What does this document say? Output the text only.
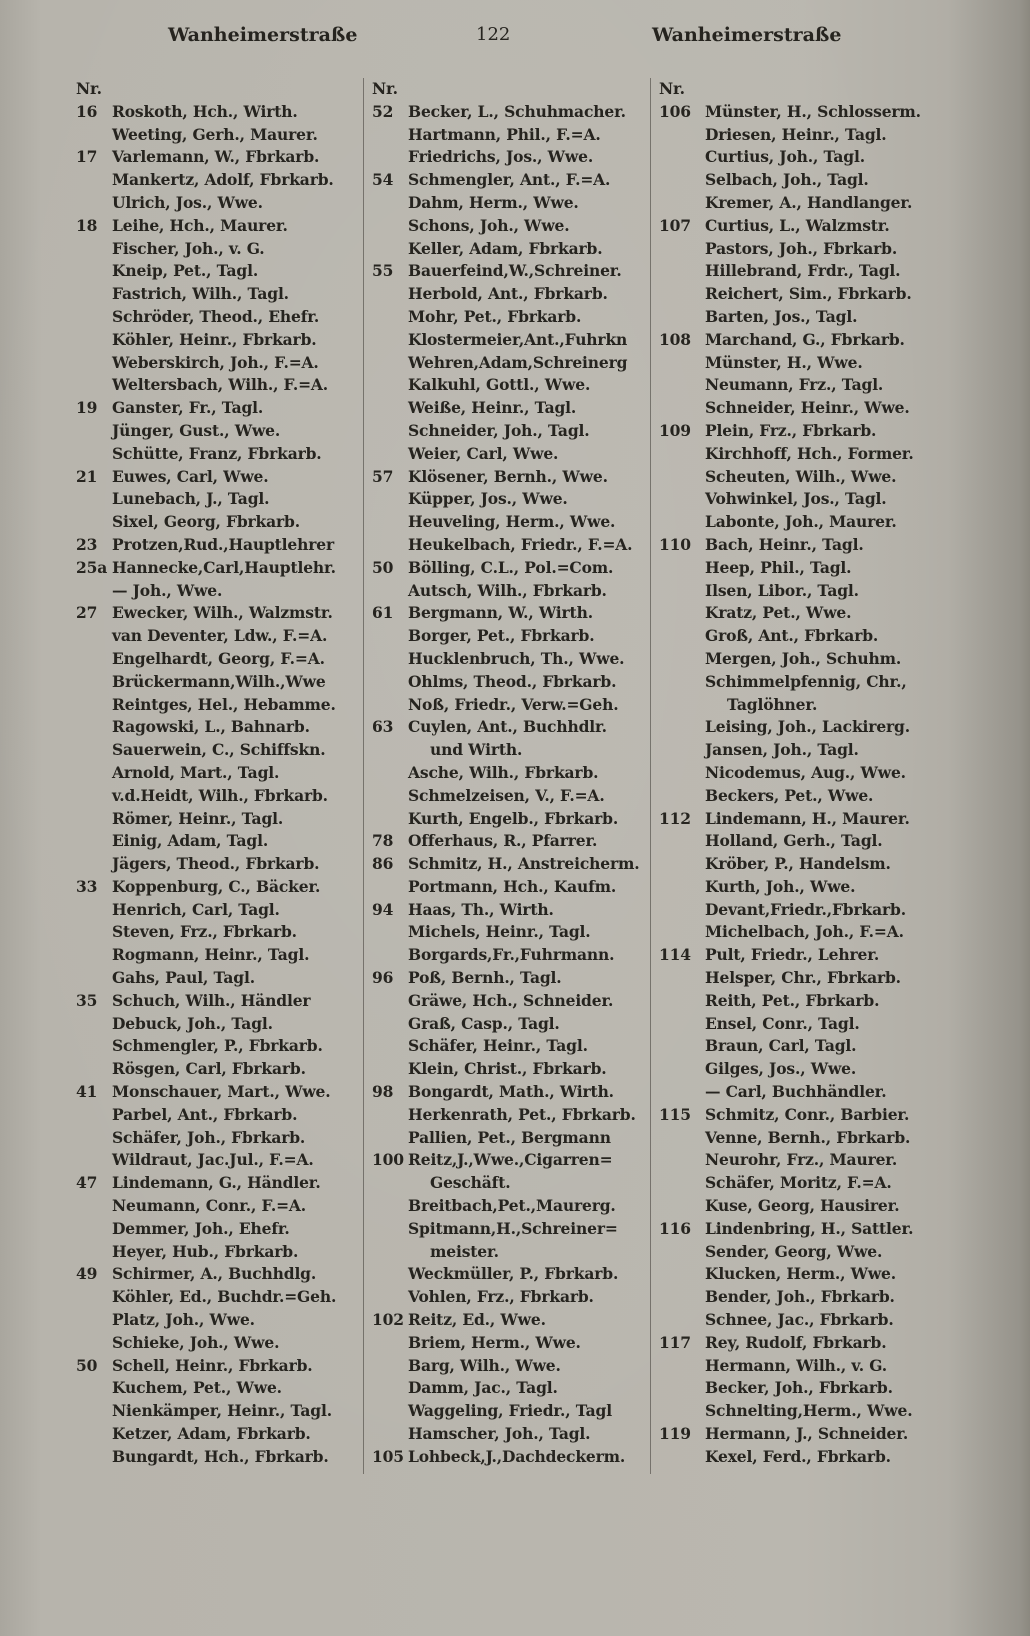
Wanheimerstraße	122	Wanheimerstraße
Nr.
16 Roskoth, Hch., Wirth.
Weeting, Gerh., Maurer.
17 Varlemann, W., Fbrkarb.
Mankertz, Adolf, Fbrkarb.
Ulrich, Jos., Wwe.
18 Leihe, Hch., Maurer.
Fischer, Joh., v. G.
Kneip, Pet., Tagl.
Fastrich, Wilh., Tagl.
Schröder, Theod., Ehefr.
Köhler, Heinr., Fbrkarb.
Weberskirch, Joh., F.=A.
Weltersbach, Wilh., F.=A.
19 Ganster, Fr., Tagl.
Jünger, Gust., Wwe.
Schütte, Franz, Fbrkarb.
21 Euwes, Carl, Wwe.
Lunebach, J., Tagl.
Sixel, Georg, Fbrkarb.
23 Protzen,Rud.,Hauptlehrer
25a Hannecke,Carl,Hauptlehr.
— Joh., Wwe.
27 Ewecker, Wilh., Walzmstr.
van Deventer, Ldw., F.=A.
Engelhardt, Georg, F.=A.
Brückermann,Wilh.,Wwe
Reintges, Hel., Hebamme.
Ragowski, L., Bahnarb.
Sauerwein, C., Schiffskn.
Arnold, Mart., Tagl.
v.d.Heidt, Wilh., Fbrkarb.
Römer, Heinr., Tagl.
Einig, Adam, Tagl.
Jägers, Theod., Fbrkarb.
33 Koppenburg, C., Bäcker.
Henrich, Carl, Tagl.
Steven, Frz., Fbrkarb.
Rogmann, Heinr., Tagl.
Gahs, Paul, Tagl.
35 Schuch, Wilh., Händler
Debuck, Joh., Tagl.
Schmengler, P., Fbrkarb.
Rösgen, Carl, Fbrkarb.
41 Monschauer, Mart., Wwe.
Parbel, Ant., Fbrkarb.
Schäfer, Joh., Fbrkarb.
Wildraut, Jac.Jul., F.=A.
47 Lindemann, G., Händler.
Neumann, Conr., F.=A.
Demmer, Joh., Ehefr.
Heyer, Hub., Fbrkarb.
49 Schirmer, A., Buchhdlg.
Köhler, Ed., Buchdr.=Geh.
Platz, Joh., Wwe.
Schieke, Joh., Wwe.
50 Schell, Heinr., Fbrkarb.
Kuchem, Pet., Wwe.
Nienkämper, Heinr., Tagl.
Ketzer, Adam, Fbrkarb.
Bungardt, Hch., Fbrkarb.
Nr.
52 Becker, L., Schuhmacher.
Hartmann, Phil., F.=A.
Friedrichs, Jos., Wwe.
54 Schmengler, Ant., F.=A.
Dahm, Herm., Wwe.
Schons, Joh., Wwe.
Keller, Adam, Fbrkarb.
55 Bauerfeind,W.,Schreiner.
Herbold, Ant., Fbrkarb.
Mohr, Pet., Fbrkarb.
Klostermeier,Ant.,Fuhrkn
Wehren,Adam,Schreinerg
Kalkuhl, Gottl., Wwe.
Weiße, Heinr., Tagl.
Schneider, Joh., Tagl.
Weier, Carl, Wwe.
57 Klösener, Bernh., Wwe.
Küpper, Jos., Wwe.
Heuveling, Herm., Wwe.
Heukelbach, Friedr., F.=A.
50 Bölling, C.L., Pol.=Com.
Autsch, Wilh., Fbrkarb.
61 Bergmann, W., Wirth.
Borger, Pet., Fbrkarb.
Hucklenbruch, Th., Wwe.
Ohlms, Theod., Fbrkarb.
Noß, Friedr., Verw.=Geh.
63 Cuylen, Ant., Buchhdlr.
und Wirth.
Asche, Wilh., Fbrkarb.
Schmelzeisen, V., F.=A.
Kurth, Engelb., Fbrkarb.
78 Offerhaus, R., Pfarrer.
86 Schmitz, H., Anstreicherm.
Portmann, Hch., Kaufm.
94 Haas, Th., Wirth.
Michels, Heinr., Tagl.
Borgards,Fr.,Fuhrmann.
96 Poß, Bernh., Tagl.
Gräwe, Hch., Schneider.
Graß, Casp., Tagl.
Schäfer, Heinr., Tagl.
Klein, Christ., Fbrkarb.
98 Bongardt, Math., Wirth.
Herkenrath, Pet., Fbrkarb.
Pallien, Pet., Bergmann
100 Reitz,J.,Wwe.,Cigarren=
Geschäft.
Breitbach,Pet.,Maurerg.
Spitmann,H.,Schreiner=
meister.
Weckmüller, P., Fbrkarb.
Vohlen, Frz., Fbrkarb.
102 Reitz, Ed., Wwe.
Briem, Herm., Wwe.
Barg, Wilh., Wwe.
Damm, Jac., Tagl.
Waggeling, Friedr., Tagl
Hamscher, Joh., Tagl.
105 Lohbeck,J.,Dachdeckerm.
Nr.
106 Münster, H., Schlosserm.
Driesen, Heinr., Tagl.
Curtius, Joh., Tagl.
Selbach, Joh., Tagl.
Kremer, A., Handlanger.
107 Curtius, L., Walzmstr.
Pastors, Joh., Fbrkarb.
Hillebrand, Frdr., Tagl.
Reichert, Sim., Fbrkarb.
Barten, Jos., Tagl.
108 Marchand, G., Fbrkarb.
Münster, H., Wwe.
Neumann, Frz., Tagl.
Schneider, Heinr., Wwe.
109 Plein, Frz., Fbrkarb.
Kirchhoff, Hch., Former.
Scheuten, Wilh., Wwe.
Vohwinkel, Jos., Tagl.
Labonte, Joh., Maurer.
110 Bach, Heinr., Tagl.
Heep, Phil., Tagl.
Ilsen, Libor., Tagl.
Kratz, Pet., Wwe.
Groß, Ant., Fbrkarb.
Mergen, Joh., Schuhm.
Schimmelpfennig, Chr.,
Taglöhner.
Leising, Joh., Lackirerg.
Jansen, Joh., Tagl.
Nicodemus, Aug., Wwe.
Beckers, Pet., Wwe.
112 Lindemann, H., Maurer.
Holland, Gerh., Tagl.
Kröber, P., Handelsm.
Kurth, Joh., Wwe.
Devant,Friedr.,Fbrkarb.
Michelbach, Joh., F.=A.
114 Pult, Friedr., Lehrer.
Helsper, Chr., Fbrkarb.
Reith, Pet., Fbrkarb.
Ensel, Conr., Tagl.
Braun, Carl, Tagl.
Gilges, Jos., Wwe.
— Carl, Buchhändler.
115 Schmitz, Conr., Barbier.
Venne, Bernh., Fbrkarb.
Neurohr, Frz., Maurer.
Schäfer, Moritz, F.=A.
Kuse, Georg, Hausirer.
116 Lindenbring, H., Sattler.
Sender, Georg, Wwe.
Klucken, Herm., Wwe.
Bender, Joh., Fbrkarb.
Schnee, Jac., Fbrkarb.
117 Rey, Rudolf, Fbrkarb.
Hermann, Wilh., v. G.
Becker, Joh., Fbrkarb.
Schnelting,Herm., Wwe.
119 Hermann, J., Schneider.
Kexel, Ferd., Fbrkarb.
